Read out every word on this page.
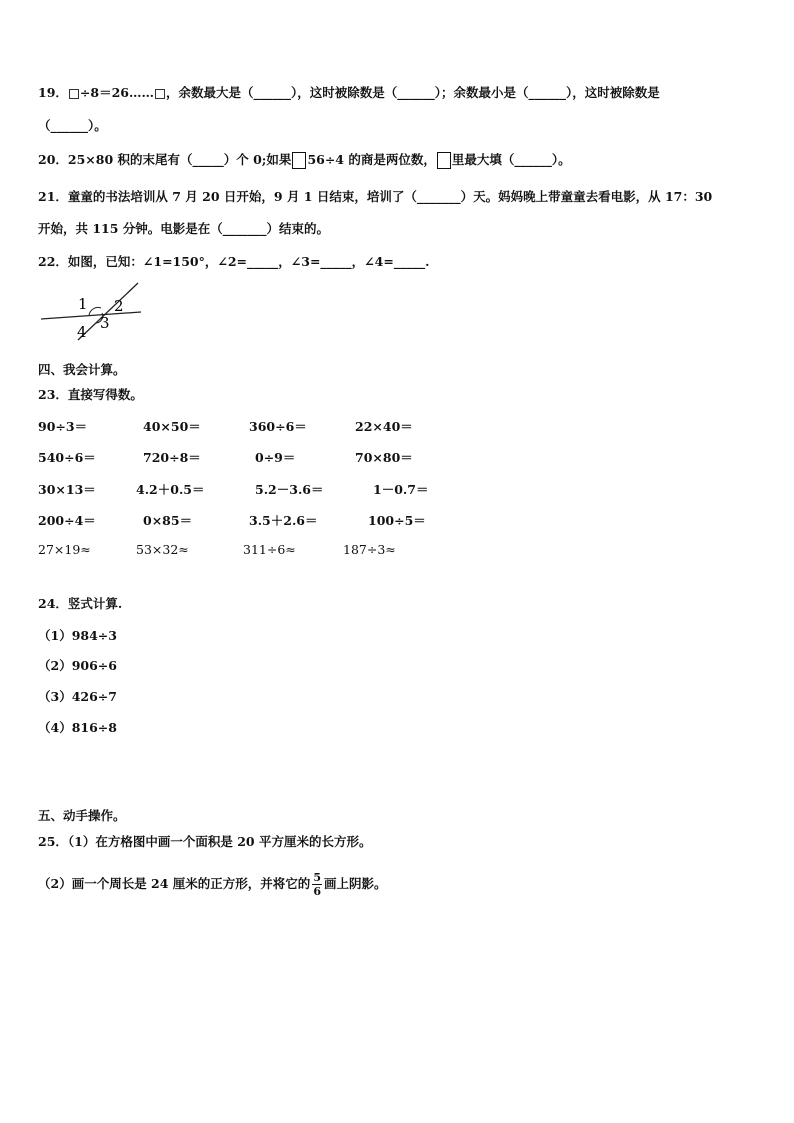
19． ÷8＝26…… ，余数最大是（______），这时被除数是（______）；余数最小是（______），这时被除数是
（______）。
20．25×80 积的末尾有（_____）个 0;如果 56÷4 的商是两位数， 里最大填（______）。
21．童童的书法培训从 7 月 20 日开始，9 月 1 日结束，培训了（_______）天。妈妈晚上带童童去看电影，从 17：30
开始，共 115 分钟。电影是在（_______）结束的。
22．如图，已知：∠1=150°，∠2=_____，∠3=_____，∠4=_____.
1 2
3
4
四、我会计算。
23．直接写得数。
90÷3＝	40×50＝	360÷6＝	22×40＝
540÷6＝	720÷8＝	0÷9＝	70×80＝
30×13＝	4.2＋0.5＝	5.2－3.6＝	1－0.7＝
200÷4＝	0×85＝	3.5＋2.6＝	100÷5＝
27×19≈	53×32≈	311÷6≈	187÷3≈
24．竖式计算.
（1）984÷3
（2）906÷6
（3）426÷7
（4）816÷8
五、动手操作。
25．（1）在方格图中画一个面积是 20 平方厘米的长方形。
（2）画一个周长是 24 厘米的正方形，并将它的 $\frac{5}{6}$ 画上阴影。
